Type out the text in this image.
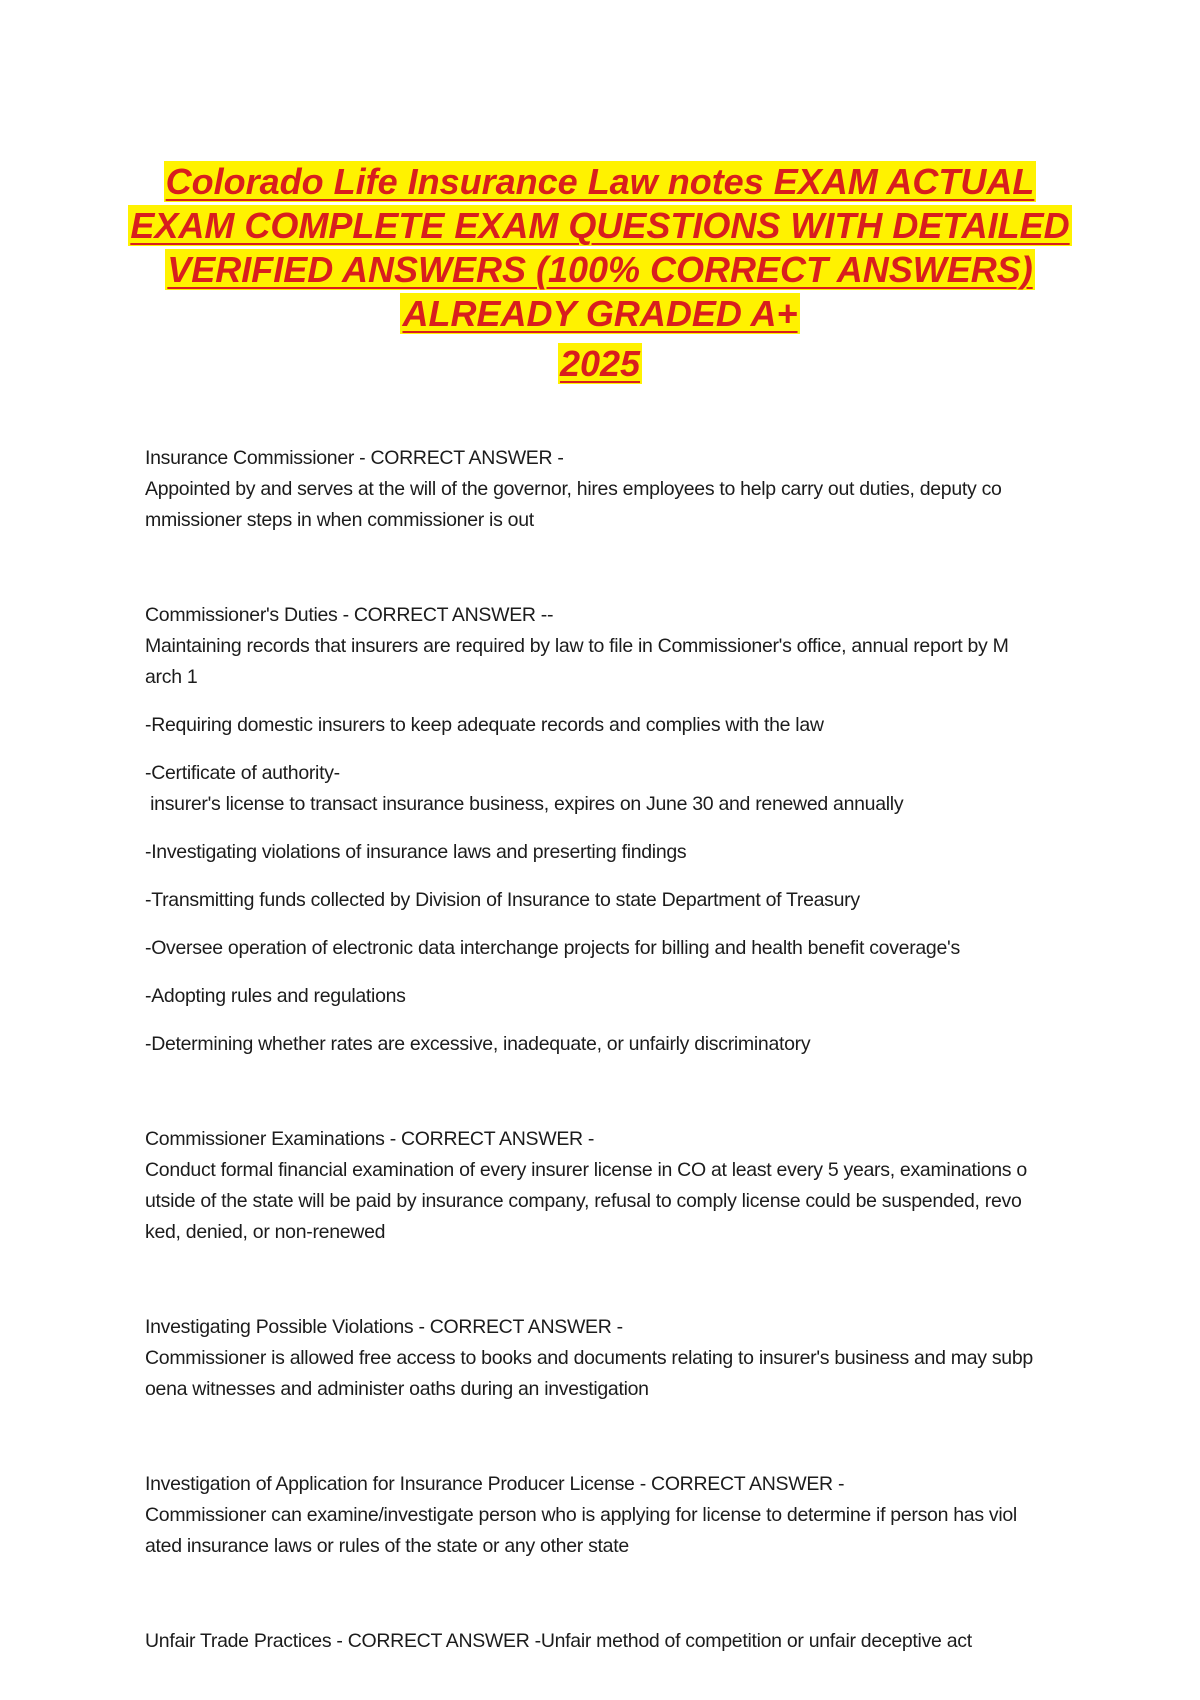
Colorado Life Insurance Law notes EXAM ACTUAL
EXAM COMPLETE EXAM QUESTIONS WITH DETAILED
VERIFIED ANSWERS (100% CORRECT ANSWERS)
ALREADY GRADED A+
2025
Insurance Commissioner - CORRECT ANSWER -
Appointed by and serves at the will of the governor, hires employees to help carry out duties, deputy co
mmissioner steps in when commissioner is out
Commissioner's Duties - CORRECT ANSWER --
Maintaining records that insurers are required by law to file in Commissioner's office, annual report by M
arch 1
-Requiring domestic insurers to keep adequate records and complies with the law
-Certificate of authority-
insurer's license to transact insurance business, expires on June 30 and renewed annually
-Investigating violations of insurance laws and preserting findings
-Transmitting funds collected by Division of Insurance to state Department of Treasury
-Oversee operation of electronic data interchange projects for billing and health benefit coverage's
-Adopting rules and regulations
-Determining whether rates are excessive, inadequate, or unfairly discriminatory
Commissioner Examinations - CORRECT ANSWER -
Conduct formal financial examination of every insurer license in CO at least every 5 years, examinations o
utside of the state will be paid by insurance company, refusal to comply license could be suspended, revo
ked, denied, or non-renewed
Investigating Possible Violations - CORRECT ANSWER -
Commissioner is allowed free access to books and documents relating to insurer's business and may subp
oena witnesses and administer oaths during an investigation
Investigation of Application for Insurance Producer License - CORRECT ANSWER -
Commissioner can examine/investigate person who is applying for license to determine if person has viol
ated insurance laws or rules of the state or any other state
Unfair Trade Practices - CORRECT ANSWER -Unfair method of competition or unfair deceptive act
